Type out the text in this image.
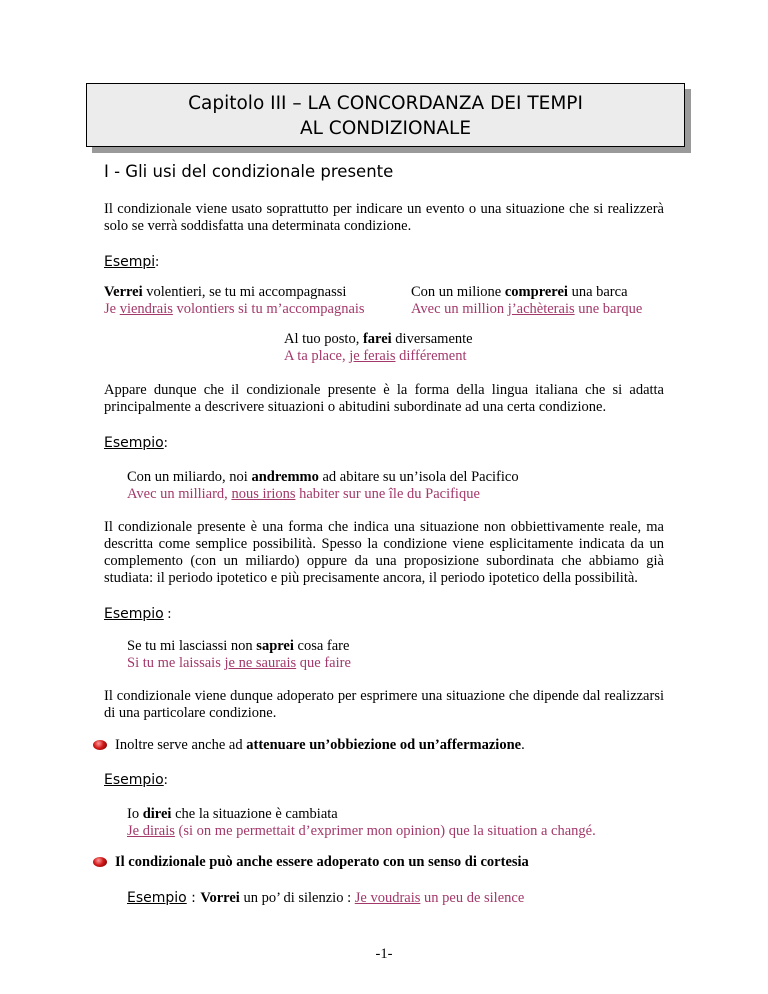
Capitolo III – LA CONCORDANZA DEI TEMPI
AL CONDIZIONALE
I - Gli usi del condizionale presente
Il condizionale viene usato soprattutto per indicare un evento o una situazione che si realizzerà solo se verrà soddisfatta una determinata condizione.
Esempi:
Verrei volentieri, se tu mi accompagnassi
Je viendrais volontiers si tu m’accompagnais
Con un milione comprerei una barca
Avec un million j’achèterais une barque
Al tuo posto, farei diversamente
A ta place, je ferais différement
Appare dunque che il condizionale presente è la forma della lingua italiana che si adatta principalmente a descrivere situazioni o abitudini subordinate ad una certa condizione.
Esempio:
Con un miliardo, noi andremmo ad abitare su un’isola del Pacifico
Avec un milliard, nous irions habiter sur une île du Pacifique
Il condizionale presente è una forma che indica una situazione non obbiettivamente reale, ma descritta come semplice possibilità. Spesso la condizione viene esplicitamente indicata da un complemento (con un miliardo) oppure da una proposizione subordinata che abbiamo già studiata: il periodo ipotetico e più precisamente ancora, il periodo ipotetico della possibilità.
Esempio :
Se tu mi lasciassi non saprei cosa fare
Si tu me laissais je ne saurais que faire
Il condizionale viene dunque adoperato per esprimere una situazione che dipende dal realizzarsi di una particolare condizione.
Inoltre serve anche ad attenuare un’obbiezione od un’affermazione.
Esempio:
Io direi che la situazione è cambiata
Je dirais (si on me permettait d’exprimer mon opinion) que la situation a changé.
Il condizionale può anche essere adoperato con un senso di cortesia
Esempio : Vorrei un po’ di silenzio : Je voudrais un peu de silence
-1-
